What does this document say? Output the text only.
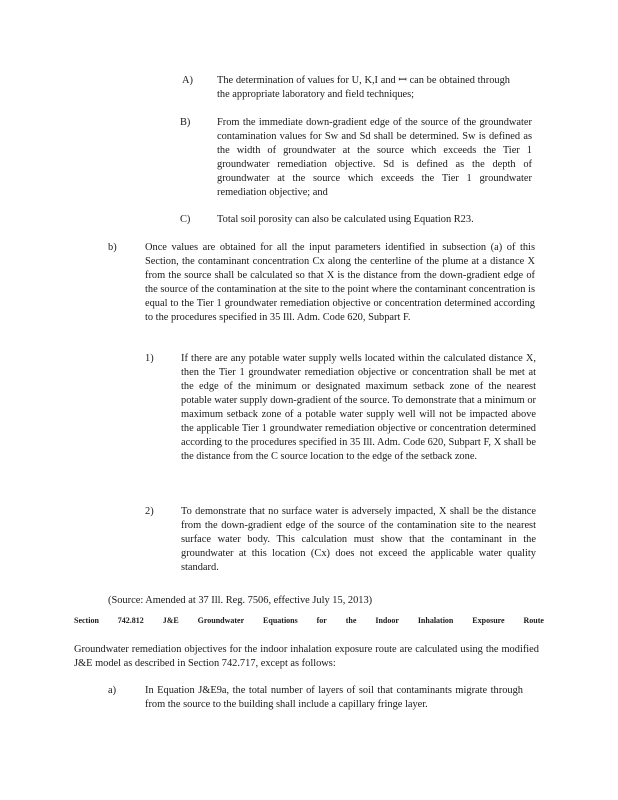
A) The determination of values for U, K,I and ꟷ can be obtained through the appropriate laboratory and field techniques;
B)	From the immediate down-gradient edge of the source of the groundwater contamination values for Sw and Sd shall be determined. Sw is defined as the width of groundwater at the source which exceeds the Tier 1 groundwater remediation objective. Sd is defined as the depth of groundwater at the source which exceeds the Tier 1 groundwater remediation objective; and
C)	Total soil porosity can also be calculated using Equation R23.
b)	Once values are obtained for all the input parameters identified in subsection (a) of this Section, the contaminant concentration Cx along the centerline of the plume at a distance X from the source shall be calculated so that X is the distance from the down-gradient edge of the source of the contamination at the site to the point where the contaminant concentration is equal to the Tier 1 groundwater remediation objective or concentration determined according to the procedures specified in 35 Ill. Adm. Code 620, Subpart F.
1)	If there are any potable water supply wells located within the calculated distance X, then the Tier 1 groundwater remediation objective or concentration shall be met at the edge of the minimum or designated maximum setback zone of the nearest potable water supply down-gradient of the source. To demonstrate that a minimum or maximum setback zone of a potable water supply well will not be impacted above the applicable Tier 1 groundwater remediation objective or concentration determined according to the procedures specified in 35 Ill. Adm. Code 620, Subpart F, X shall be the distance from the C source location to the edge of the setback zone.
2)	To demonstrate that no surface water is adversely impacted, X shall be the distance from the down-gradient edge of the source of the contamination site to the nearest surface water body. This calculation must show that the contaminant in the groundwater at this location (Cx) does not exceed the applicable water quality standard.
(Source: Amended at 37 Ill. Reg. 7506, effective July 15, 2013)
Section 742.812 J&E Groundwater Equations for the Indoor Inhalation Exposure Route
Groundwater remediation objectives for the indoor inhalation exposure route are calculated using the modified J&E model as described in Section 742.717, except as follows:
a)	In Equation J&E9a, the total number of layers of soil that contaminants migrate through from the source to the building shall include a capillary fringe layer.
